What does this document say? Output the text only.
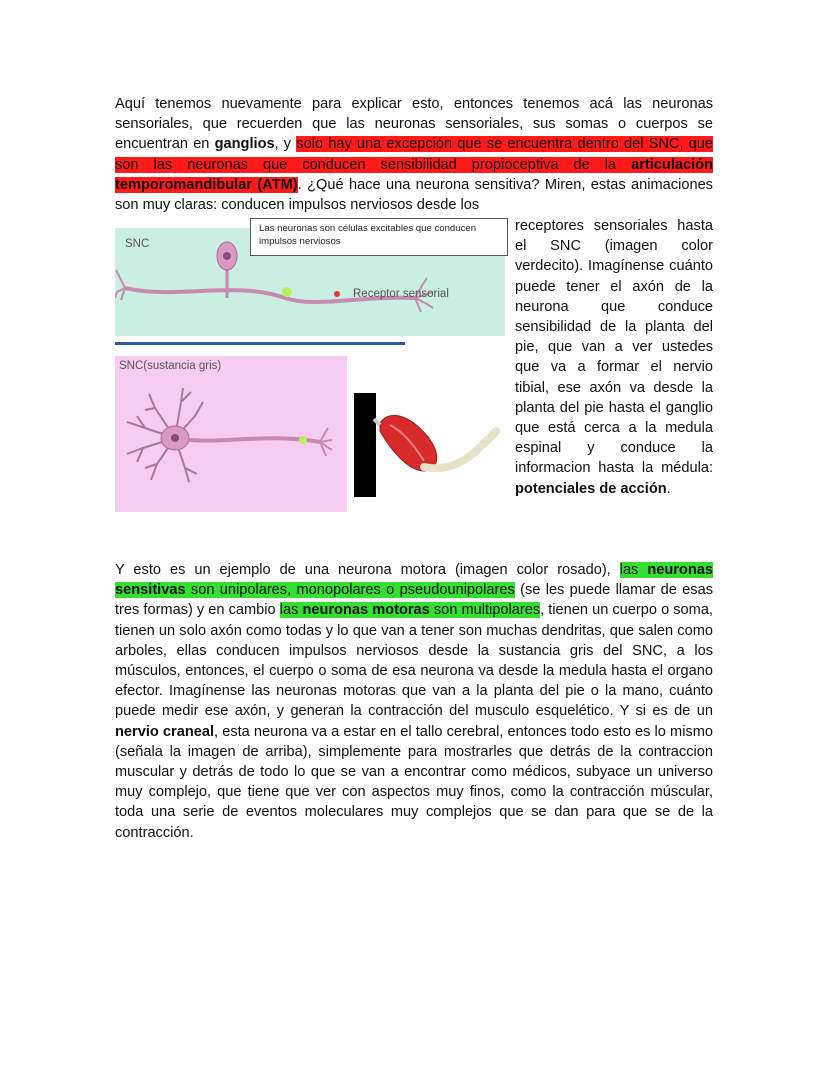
Aquí tenemos nuevamente para explicar esto, entonces tenemos acá las neuronas sensoriales, que recuerden que las neuronas sensoriales, sus somas o cuerpos se encuentran en ganglios, y solo hay una excepción que se encuentra dentro del SNC, que son las neuronas que conducen sensibilidad propioceptiva de la articulación temporomandibular (ATM). ¿Qué hace una neurona sensitiva? Miren, estas animaciones son muy claras: conducen impulsos nerviosos desde los
receptores sensoriales hasta el SNC (imagen color verdecito). Imagínense cuánto puede tener el axón de la neurona que conduce sensibilidad de la planta del pie, que van a ver ustedes que va a formar el nervio tibial, ese axón va desde la planta del pie hasta el ganglio que está cerca a la medula espinal y conduce la informacion hasta la médula: potenciales de acción.
SNC
Receptor sensorial
Las neuronas son células excitables que conducen impulsos nerviosos
SNC(sustancia gris)
Y esto es un ejemplo de una neurona motora (imagen color rosado), las neuronas sensitivas son unipolares, monopolares o pseudounipolares (se les puede llamar de esas tres formas) y en cambio las neuronas motoras son multipolares, tienen un cuerpo o soma, tienen un solo axón como todas y lo que van a tener son muchas dendritas, que salen como arboles, ellas conducen impulsos nerviosos desde la sustancia gris del SNC, a los músculos, entonces, el cuerpo o soma de esa neurona va desde la medula hasta el organo efector. Imagínense las neuronas motoras que van a la planta del pie o la mano, cuánto puede medir ese axón, y generan la contracción del musculo esquelético. Y si es de un nervio craneal, esta neurona va a estar en el tallo cerebral, entonces todo esto es lo mismo (señala la imagen de arriba), simplemente para mostrarles que detrás de la contraccion muscular y detrás de todo lo que se van a encontrar como médicos, subyace un universo muy complejo, que tiene que ver con aspectos muy finos, como la contracción múscular, toda una serie de eventos moleculares muy complejos que se dan para que se de la contracción.
